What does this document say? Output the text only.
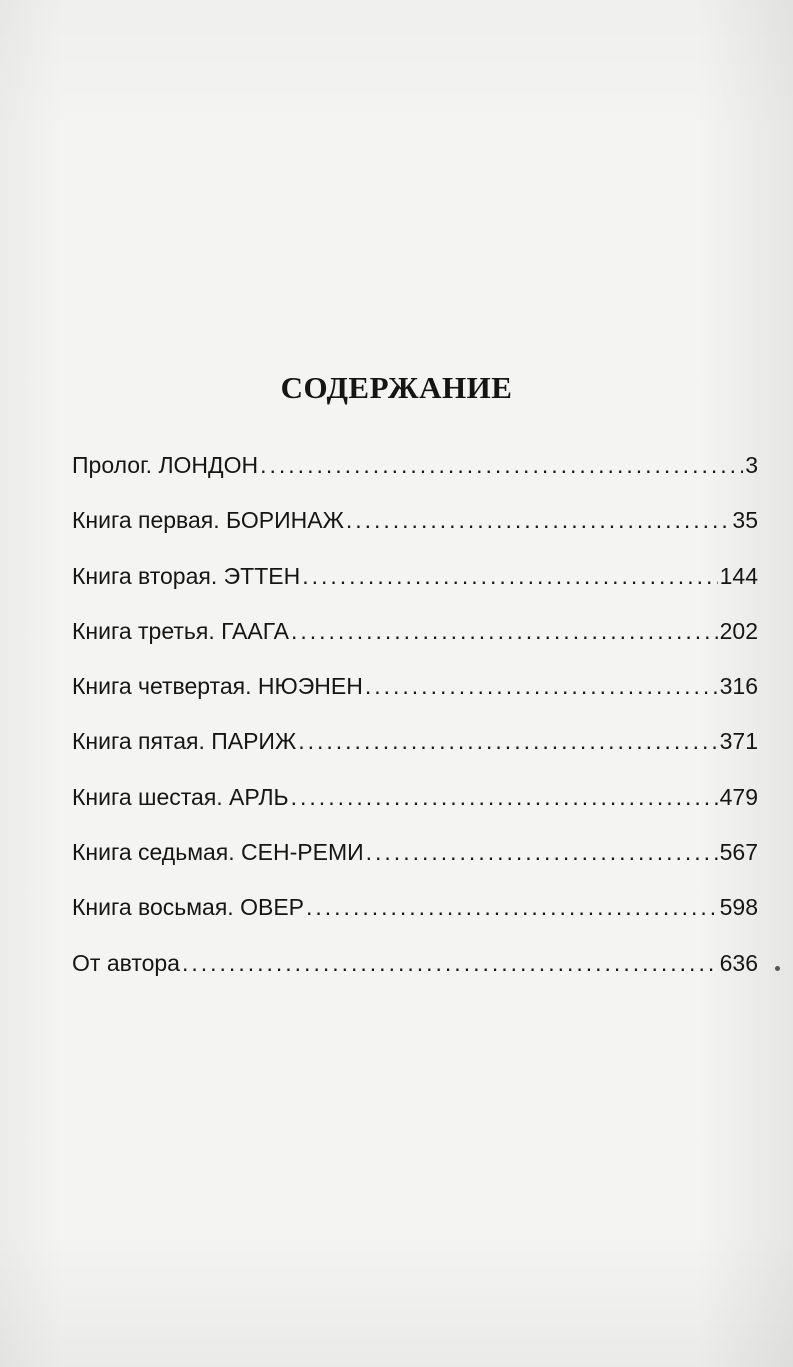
СОДЕРЖАНИЕ
Пролог. ЛОНДОН .....	3
Книга первая. БОРИНАЖ .....	35
Книга вторая. ЭТТЕН .....	144
Книга третья. ГААГА .....	202
Книга четвертая. НЮЭНЕН .....	316
Книга пятая. ПАРИЖ .....	371
Книга шестая. АРЛЬ .....	479
Книга седьмая. СЕН-РЕМИ .....	567
Книга восьмая. ОВЕР .....	598
От автора .....	636
